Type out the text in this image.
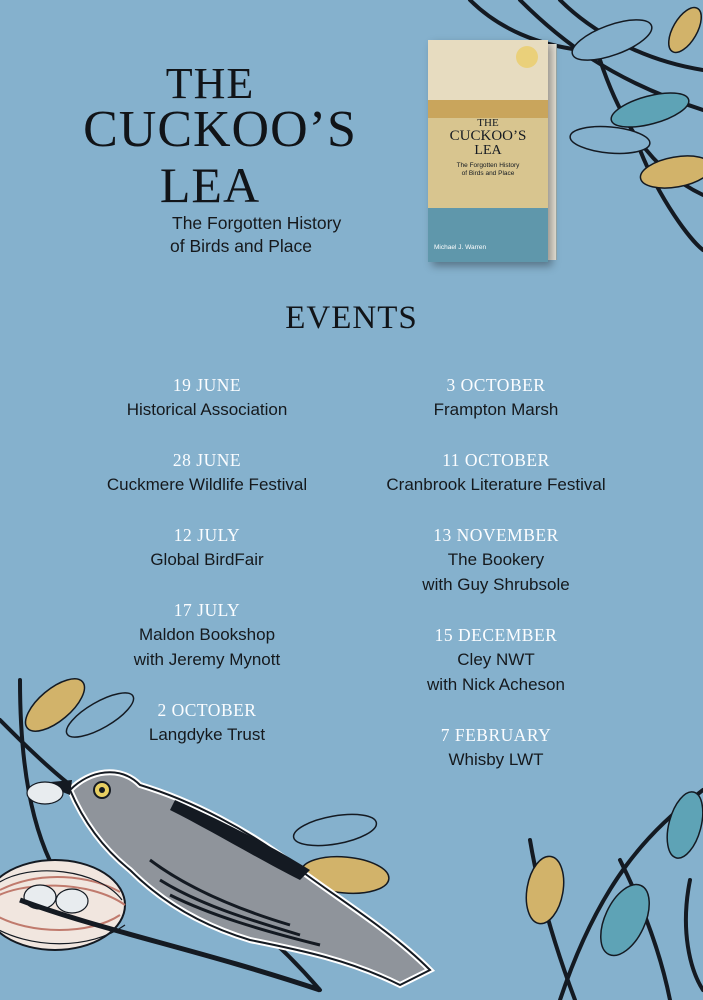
THE
CUCKOO’S
LEA
The Forgotten History
of Birds and Place
THE
CUCKOO’S
LEA
The Forgotten History
of Birds and Place
Michael J. Warren
EVENTS
19 JUNE
Historical Association
28 JUNE
Cuckmere Wildlife Festival
12 JULY
Global BirdFair
17 JULY
Maldon Bookshop
with Jeremy Mynott
2 OCTOBER
Langdyke Trust
3 OCTOBER
Frampton Marsh
11 OCTOBER
Cranbrook Literature Festival
13 NOVEMBER
The Bookery
with Guy Shrubsole
15 DECEMBER
Cley NWT
with Nick Acheson
7 FEBRUARY
Whisby LWT
